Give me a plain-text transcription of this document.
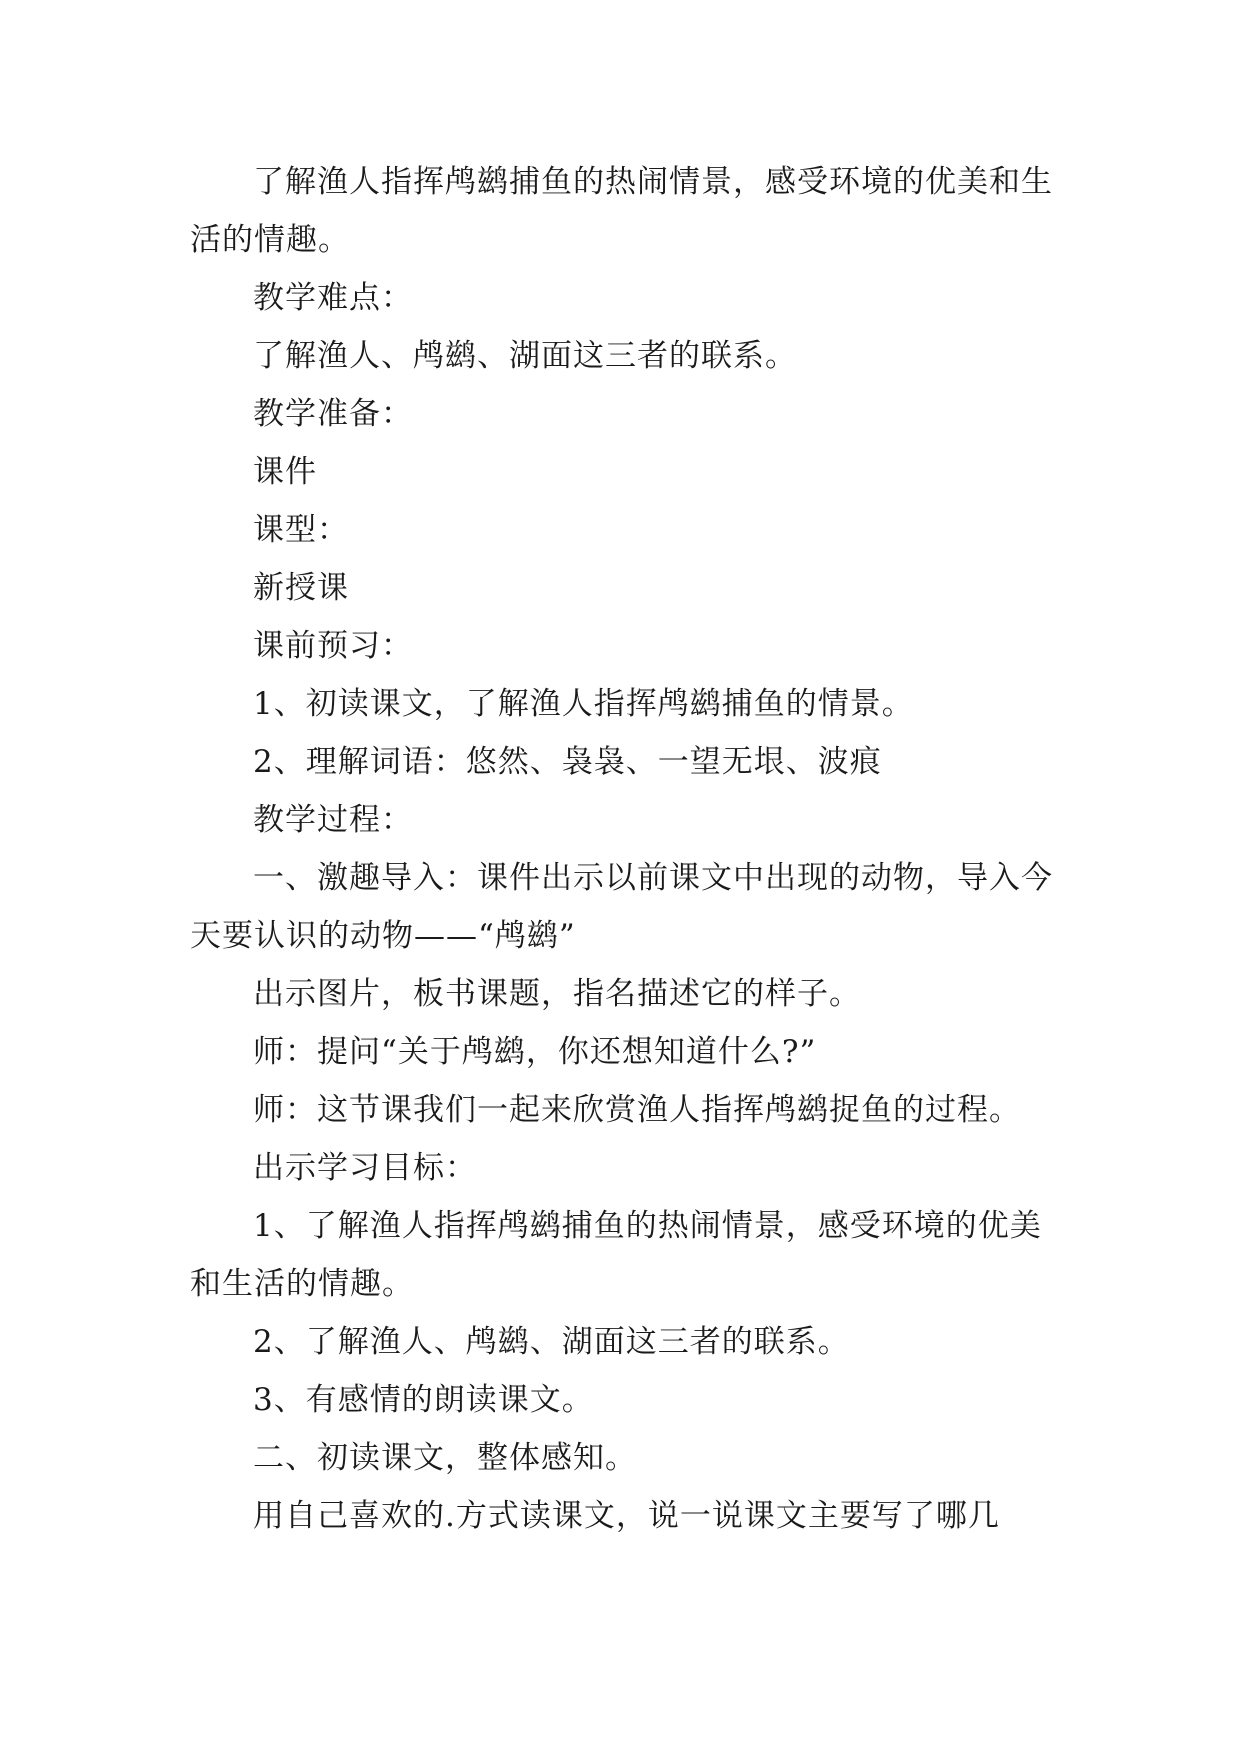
了解渔人指挥鸬鹚捕鱼的热闹情景，感受环境的优美和生活的情趣。

教学难点：

了解渔人、鸬鹚、湖面这三者的联系。

教学准备：

课件

课型：

新授课

课前预习：

1、初读课文，了解渔人指挥鸬鹚捕鱼的情景。

2、理解词语：悠然、袅袅、一望无垠、波痕

教学过程：

一、激趣导入：课件出示以前课文中出现的动物，导入今天要认识的动物——“鸬鹚”

出示图片，板书课题，指名描述它的样子。

师：提问“关于鸬鹚，你还想知道什么?”

师：这节课我们一起来欣赏渔人指挥鸬鹚捉鱼的过程。

出示学习目标：

1、了解渔人指挥鸬鹚捕鱼的热闹情景，感受环境的优美和生活的情趣。

2、了解渔人、鸬鹚、湖面这三者的联系。

3、有感情的朗读课文。

二、初读课文，整体感知。

用自己喜欢的.方式读课文，说一说课文主要写了哪几
